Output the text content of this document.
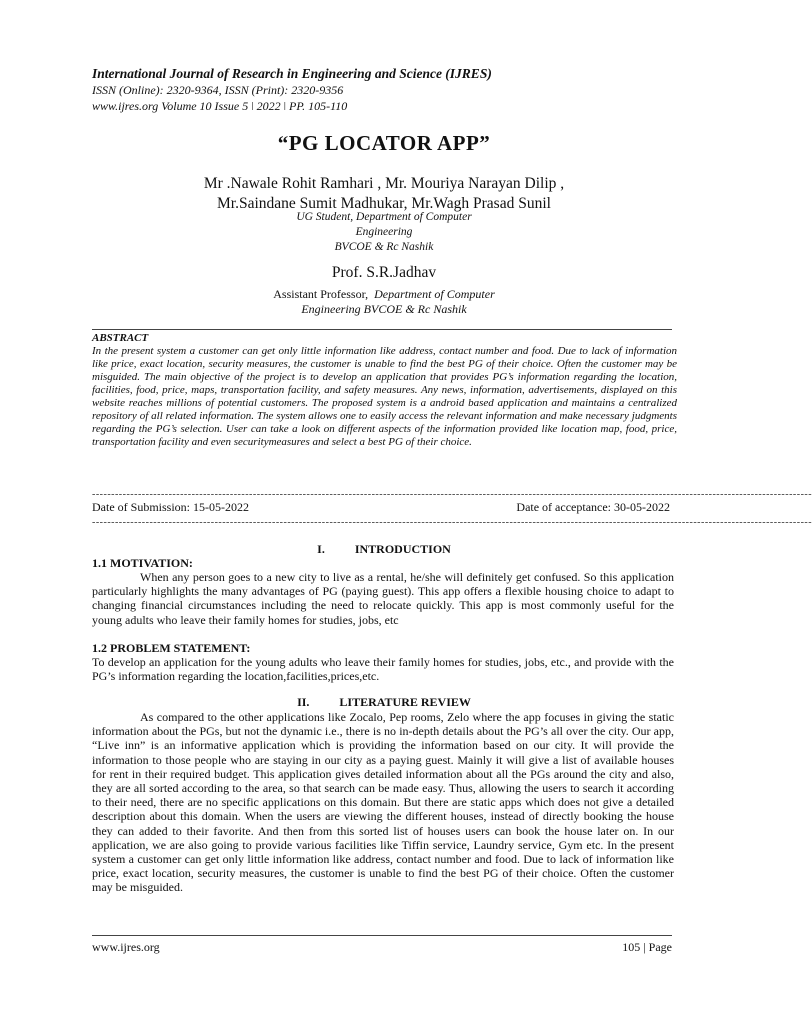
International Journal of Research in Engineering and Science (IJRES)
ISSN (Online): 2320-9364, ISSN (Print): 2320-9356
www.ijres.org Volume 10 Issue 5 ǀ 2022 ǀ PP. 105-110
“PG LOCATOR APP”
Mr .Nawale Rohit Ramhari , Mr. Mouriya Narayan Dilip ,
Mr.Saindane Sumit Madhukar, Mr.Wagh Prasad Sunil
UG Student, Department of Computer
Engineering
BVCOE & Rc Nashik
Prof. S.R.Jadhav
Assistant Professor, Department of Computer
Engineering BVCOE & Rc Nashik
ABSTRACT
In the present system a customer can get only little information like address, contact number and food. Due to lack of information like price, exact location, security measures, the customer is unable to find the best PG of their choice. Often the customer may be misguided. The main objective of the project is to develop an application that provides PG’s information regarding the location, facilities, food, price, maps, transportation facility, and safety measures. Any news, information, advertisements, displayed on this website reaches millions of potential customers. The proposed system is a android based application and maintains a centralized repository of all related information. The system allows one to easily access the relevant information and make necessary judgments regarding the PG’s selection. User can take a look on different aspects of the information provided like location map, food, price, transportation facility and even securitymeasures and select a best PG of their choice.
--------------------------------------------------------------------------------------------------------------------------------------------------------------------------------------------
Date of Submission: 15-05-2022	Date of acceptance: 30-05-2022
--------------------------------------------------------------------------------------------------------------------------------------------------------------------------------------------
I.	INTRODUCTION
1.1 MOTIVATION:
When any person goes to a new city to live as a rental, he/she will definitely get confused. So this application particularly highlights the many advantages of PG (paying guest). This app offers a flexible housing choice to adapt to changing financial circumstances including the need to relocate quickly. This app is most commonly useful for the young adults who leave their family homes for studies, jobs, etc
1.2 PROBLEM STATEMENT:
To develop an application for the young adults who leave their family homes for studies, jobs, etc., and provide with the PG’s information regarding the location,facilities,prices,etc.
II.	LITERATURE REVIEW
As compared to the other applications like Zocalo, Pep rooms, Zelo where the app focuses in giving the static information about the PGs, but not the dynamic i.e., there is no in-depth details about the PG’s all over the city. Our app, “Live inn” is an informative application which is providing the information based on our city. It will provide the information to those people who are staying in our city as a paying guest. Mainly it will give a list of available houses for rent in their required budget. This application gives detailed information about all the PGs around the city and also, they are all sorted according to the area, so that search can be made easy. Thus, allowing the users to search it according to their need, there are no specific applications on this domain. But there are static apps which does not give a detailed description about this domain. When the users are viewing the different houses, instead of directly booking the house they can added to their favorite. And then from this sorted list of houses users can book the house later on. In our application, we are also going to provide various facilities like Tiffin service, Laundry service, Gym etc. In the present system a customer can get only little information like address, contact number and food. Due to lack of information like price, exact location, security measures, the customer is unable to find the best PG of their choice. Often the customer may be misguided.
www.ijres.org	105 | Page
